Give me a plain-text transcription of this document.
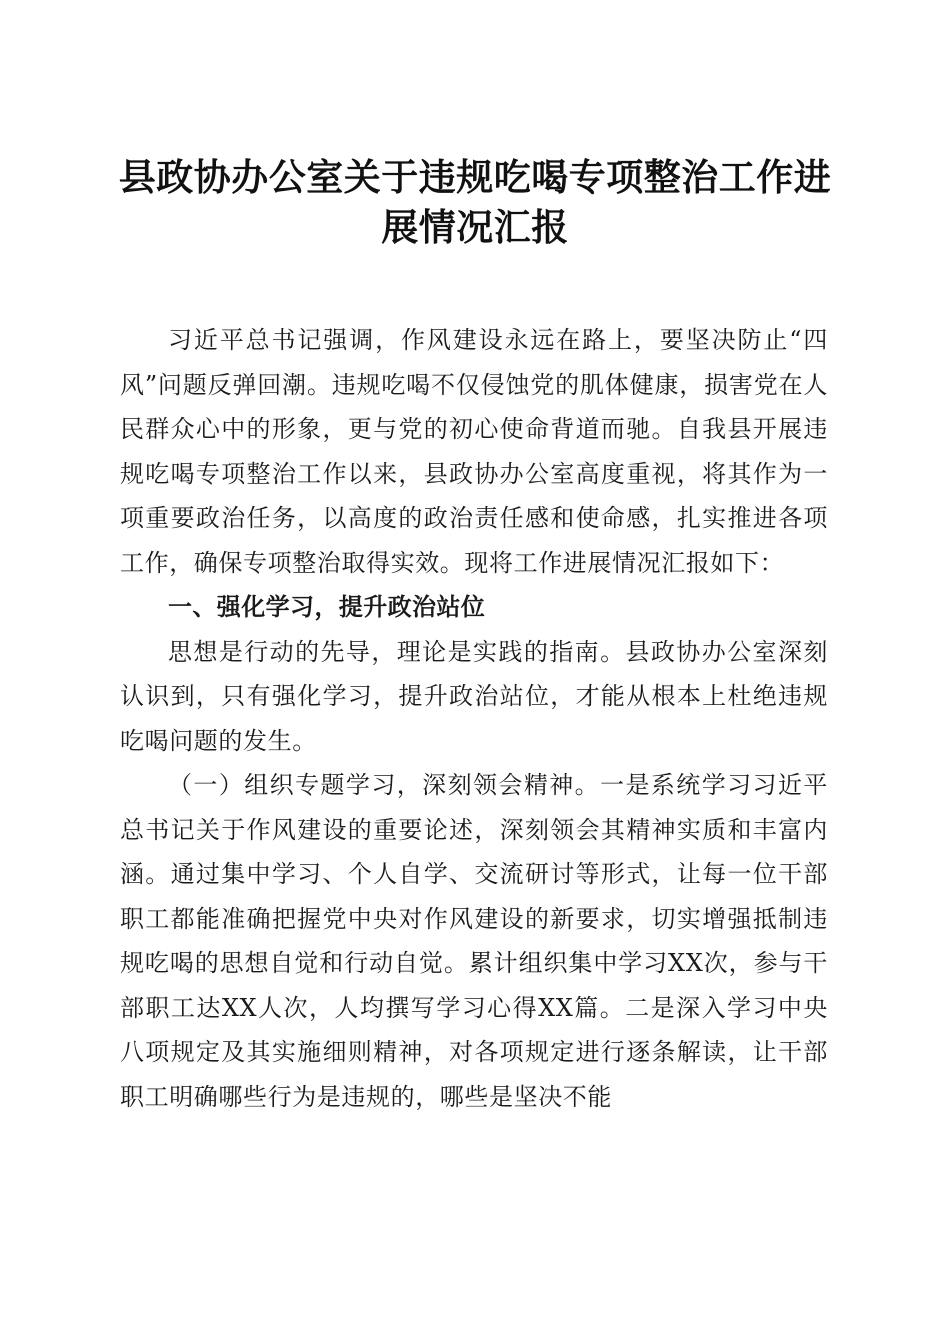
县政协办公室关于违规吃喝专项整治工作进展情况汇报

习近平总书记强调，作风建设永远在路上，要坚决防止“四风”问题反弹回潮。违规吃喝不仅侵蚀党的肌体健康，损害党在人民群众心中的形象，更与党的初心使命背道而驰。自我县开展违规吃喝专项整治工作以来，县政协办公室高度重视，将其作为一项重要政治任务，以高度的政治责任感和使命感，扎实推进各项工作，确保专项整治取得实效。现将工作进展情况汇报如下：

一、强化学习，提升政治站位

思想是行动的先导，理论是实践的指南。县政协办公室深刻认识到，只有强化学习，提升政治站位，才能从根本上杜绝违规吃喝问题的发生。

（一）组织专题学习，深刻领会精神。一是系统学习习近平总书记关于作风建设的重要论述，深刻领会其精神实质和丰富内涵。通过集中学习、个人自学、交流研讨等形式，让每一位干部职工都能准确把握党中央对作风建设的新要求，切实增强抵制违规吃喝的思想自觉和行动自觉。累计组织集中学习XX次，参与干部职工达XX人次，人均撰写学习心得XX篇。二是深入学习中央八项规定及其实施细则精神，对各项规定进行逐条解读，让干部职工明确哪些行为是违规的，哪些是坚决不能
